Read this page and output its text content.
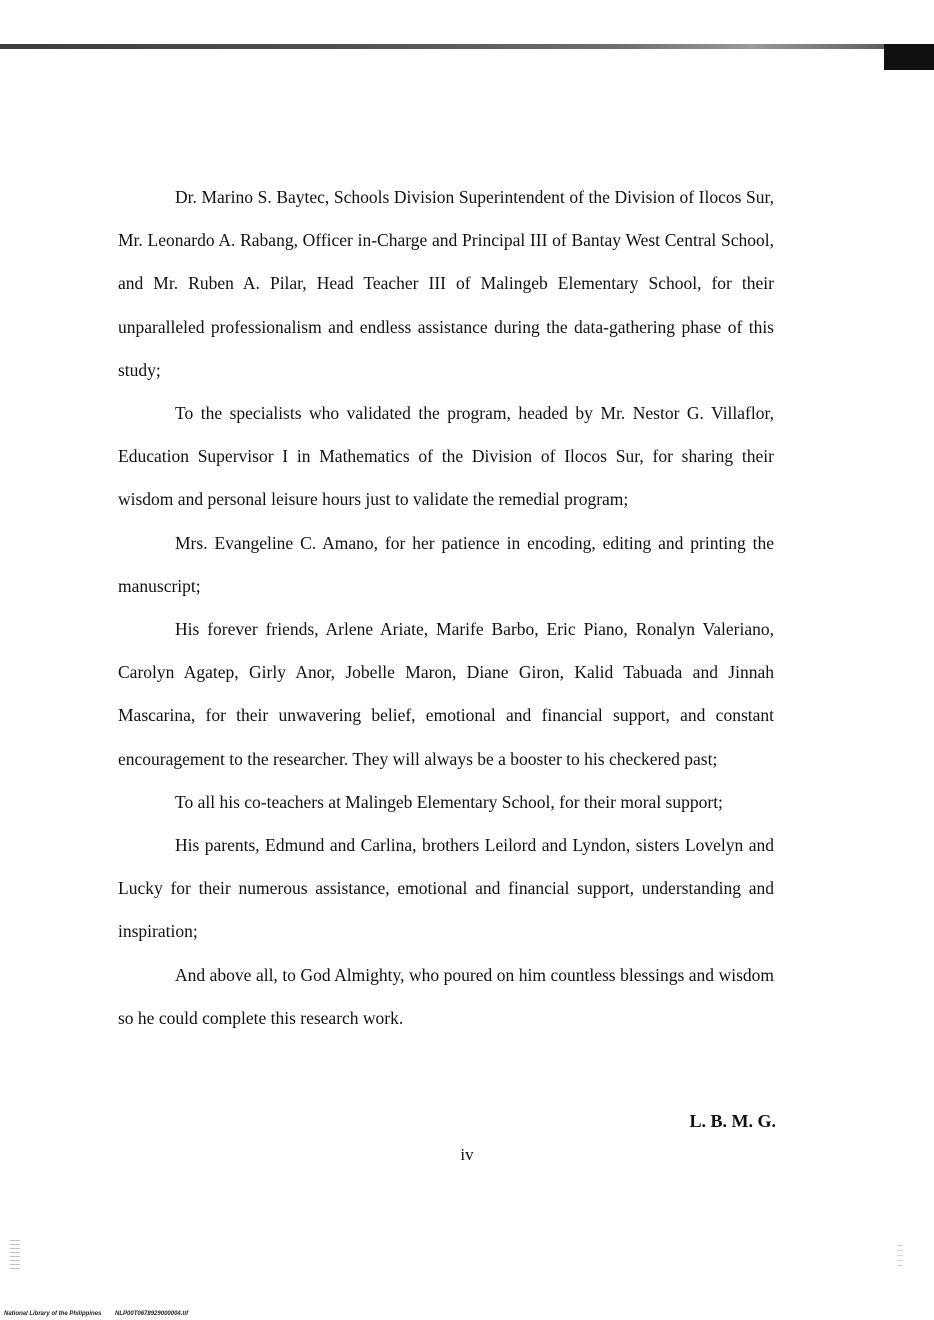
Dr. Marino S. Baytec, Schools Division Superintendent of the Division of Ilocos Sur, Mr. Leonardo A. Rabang, Officer in-Charge and Principal III of Bantay West Central School, and Mr. Ruben A. Pilar, Head Teacher III of Malingeb Elementary School, for their unparalleled professionalism and endless assistance during the data-gathering phase of this study;

To the specialists who validated the program, headed by Mr. Nestor G. Villaflor, Education Supervisor I in Mathematics of the Division of Ilocos Sur, for sharing their wisdom and personal leisure hours just to validate the remedial program;

Mrs. Evangeline C. Amano, for her patience in encoding, editing and printing the manuscript;

His forever friends, Arlene Ariate, Marife Barbo, Eric Piano, Ronalyn Valeriano, Carolyn Agatep, Girly Anor, Jobelle Maron, Diane Giron, Kalid Tabuada and Jinnah Mascarina, for their unwavering belief, emotional and financial support, and constant encouragement to the researcher. They will always be a booster to his checkered past;

To all his co-teachers at Malingeb Elementary School, for their moral support;

His parents, Edmund and Carlina, brothers Leilord and Lyndon, sisters Lovelyn and Lucky for their numerous assistance, emotional and financial support, understanding and inspiration;

And above all, to God Almighty, who poured on him countless blessings and wisdom so he could complete this research work.

L. B. M. G.
iv
National Library of the Philippines NLP00T0678929000004.tif
